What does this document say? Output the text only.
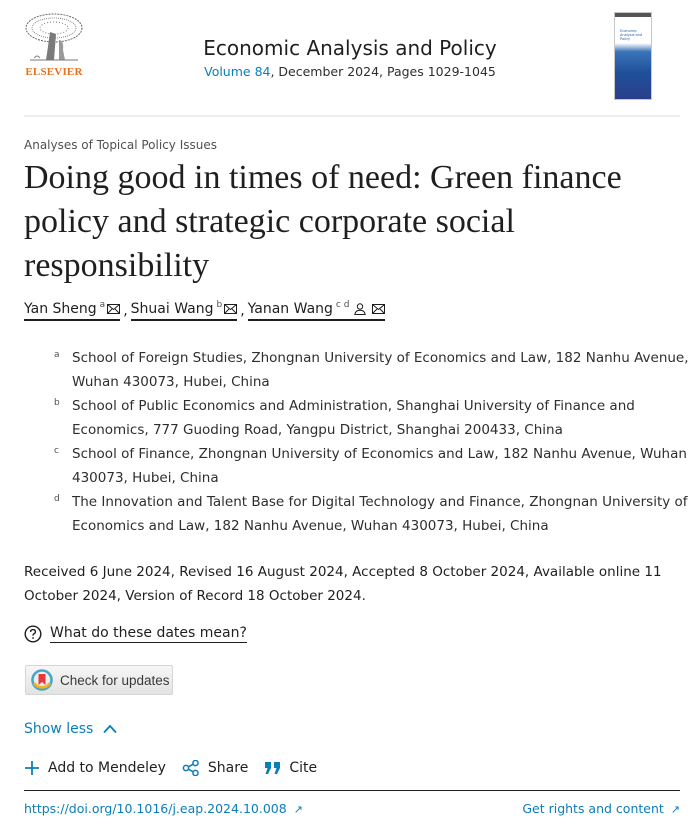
ELSEVIER
Economic Analysis and Policy
Volume 84, December 2024, Pages 1029-1045
Economic Analysis and Policy
Analyses of Topical Policy Issues
Doing good in times of need: Green finance policy and strategic corporate social responsibility
Yan Sheng $^a$ , Shuai Wang $^b$ , Yanan Wang $^{c d}$
a School of Foreign Studies, Zhongnan University of Economics and Law, 182 Nanhu Avenue, Wuhan 430073, Hubei, China
b School of Public Economics and Administration, Shanghai University of Finance and Economics, 777 Guoding Road, Yangpu District, Shanghai 200433, China
c School of Finance, Zhongnan University of Economics and Law, 182 Nanhu Avenue, Wuhan 430073, Hubei, China
d The Innovation and Talent Base for Digital Technology and Finance, Zhongnan University of Economics and Law, 182 Nanhu Avenue, Wuhan 430073, Hubei, China
Received 6 June 2024, Revised 16 August 2024, Accepted 8 October 2024, Available online 11 October 2024, Version of Record 18 October 2024.
What do these dates mean?
Check for updates
Show less
Add to Mendeley	Share	Cite
https://doi.org/10.1016/j.eap.2024.10.008 ↗	Get rights and content ↗
